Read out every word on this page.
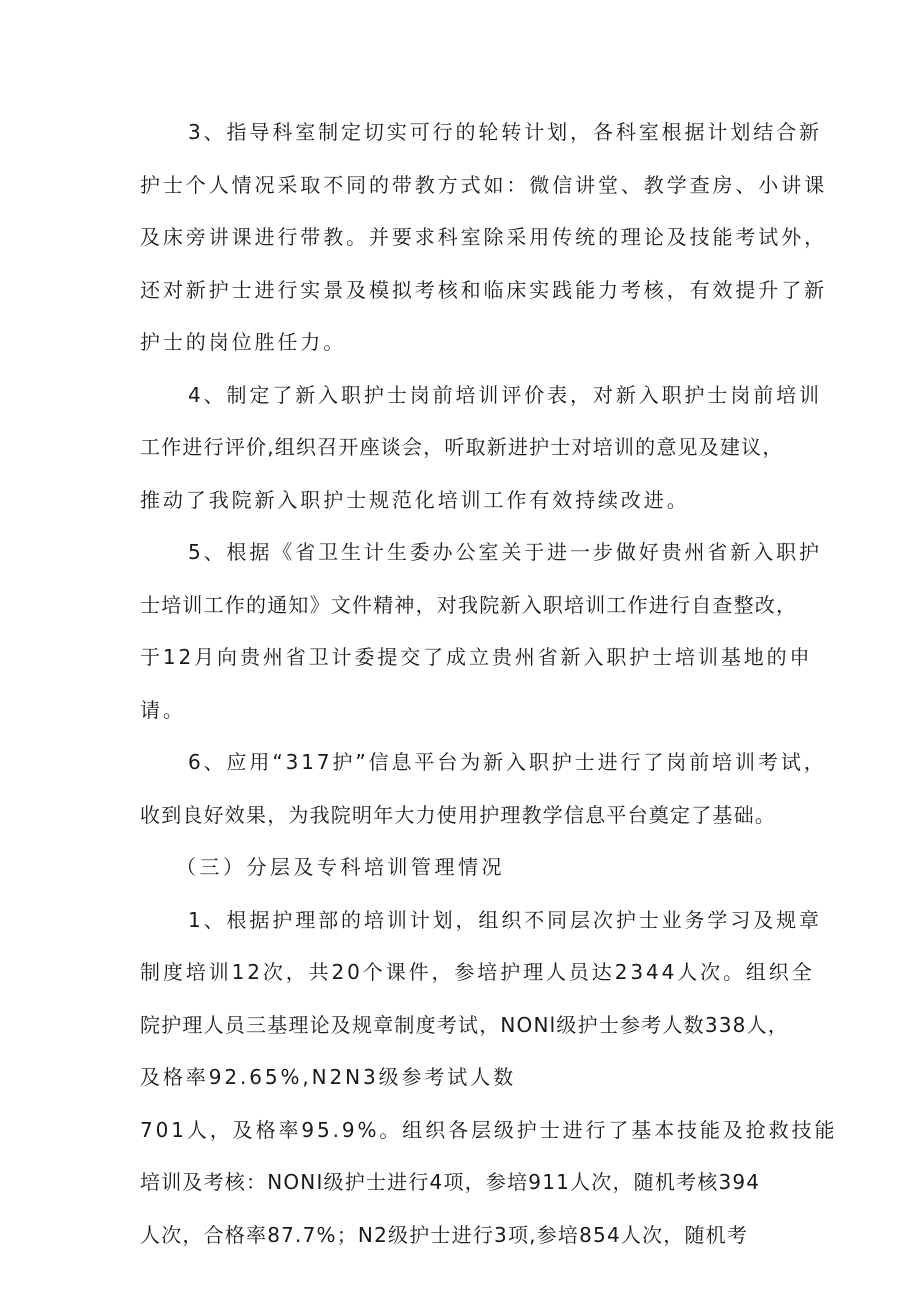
3、指导科室制定切实可行的轮转计划，各科室根据计划结合新

护士个人情况采取不同的带教方式如：微信讲堂、教学查房、小讲课

及床旁讲课进行带教。并要求科室除采用传统的理论及技能考试外，

还对新护士进行实景及模拟考核和临床实践能力考核，有效提升了新

护士的岗位胜任力。

4、制定了新入职护士岗前培训评价表，对新入职护士岗前培训

工作进行评价,组织召开座谈会，听取新进护士对培训的意见及建议，

推动了我院新入职护士规范化培训工作有效持续改进。

5、根据《省卫生计生委办公室关于进一步做好贵州省新入职护

士培训工作的通知》文件精神，对我院新入职培训工作进行自查整改，

于12月向贵州省卫计委提交了成立贵州省新入职护士培训基地的申

请。

6、应用“317护”信息平台为新入职护士进行了岗前培训考试，

收到良好效果，为我院明年大力使用护理教学信息平台奠定了基础。

（三）分层及专科培训管理情况

1、根据护理部的培训计划，组织不同层次护士业务学习及规章

制度培训12次，共20个课件，参培护理人员达2344人次。组织全

院护理人员三基理论及规章制度考试，NONl级护士参考人数338人，

及格率92.65%,N2N3级参考试人数

701人，及格率95.9%。组织各层级护士进行了基本技能及抢救技能

培训及考核：NONI级护士进行4项，参培911人次，随机考核394

人次，合格率87.7%；N2级护士进行3项,参培854人次，随机考
